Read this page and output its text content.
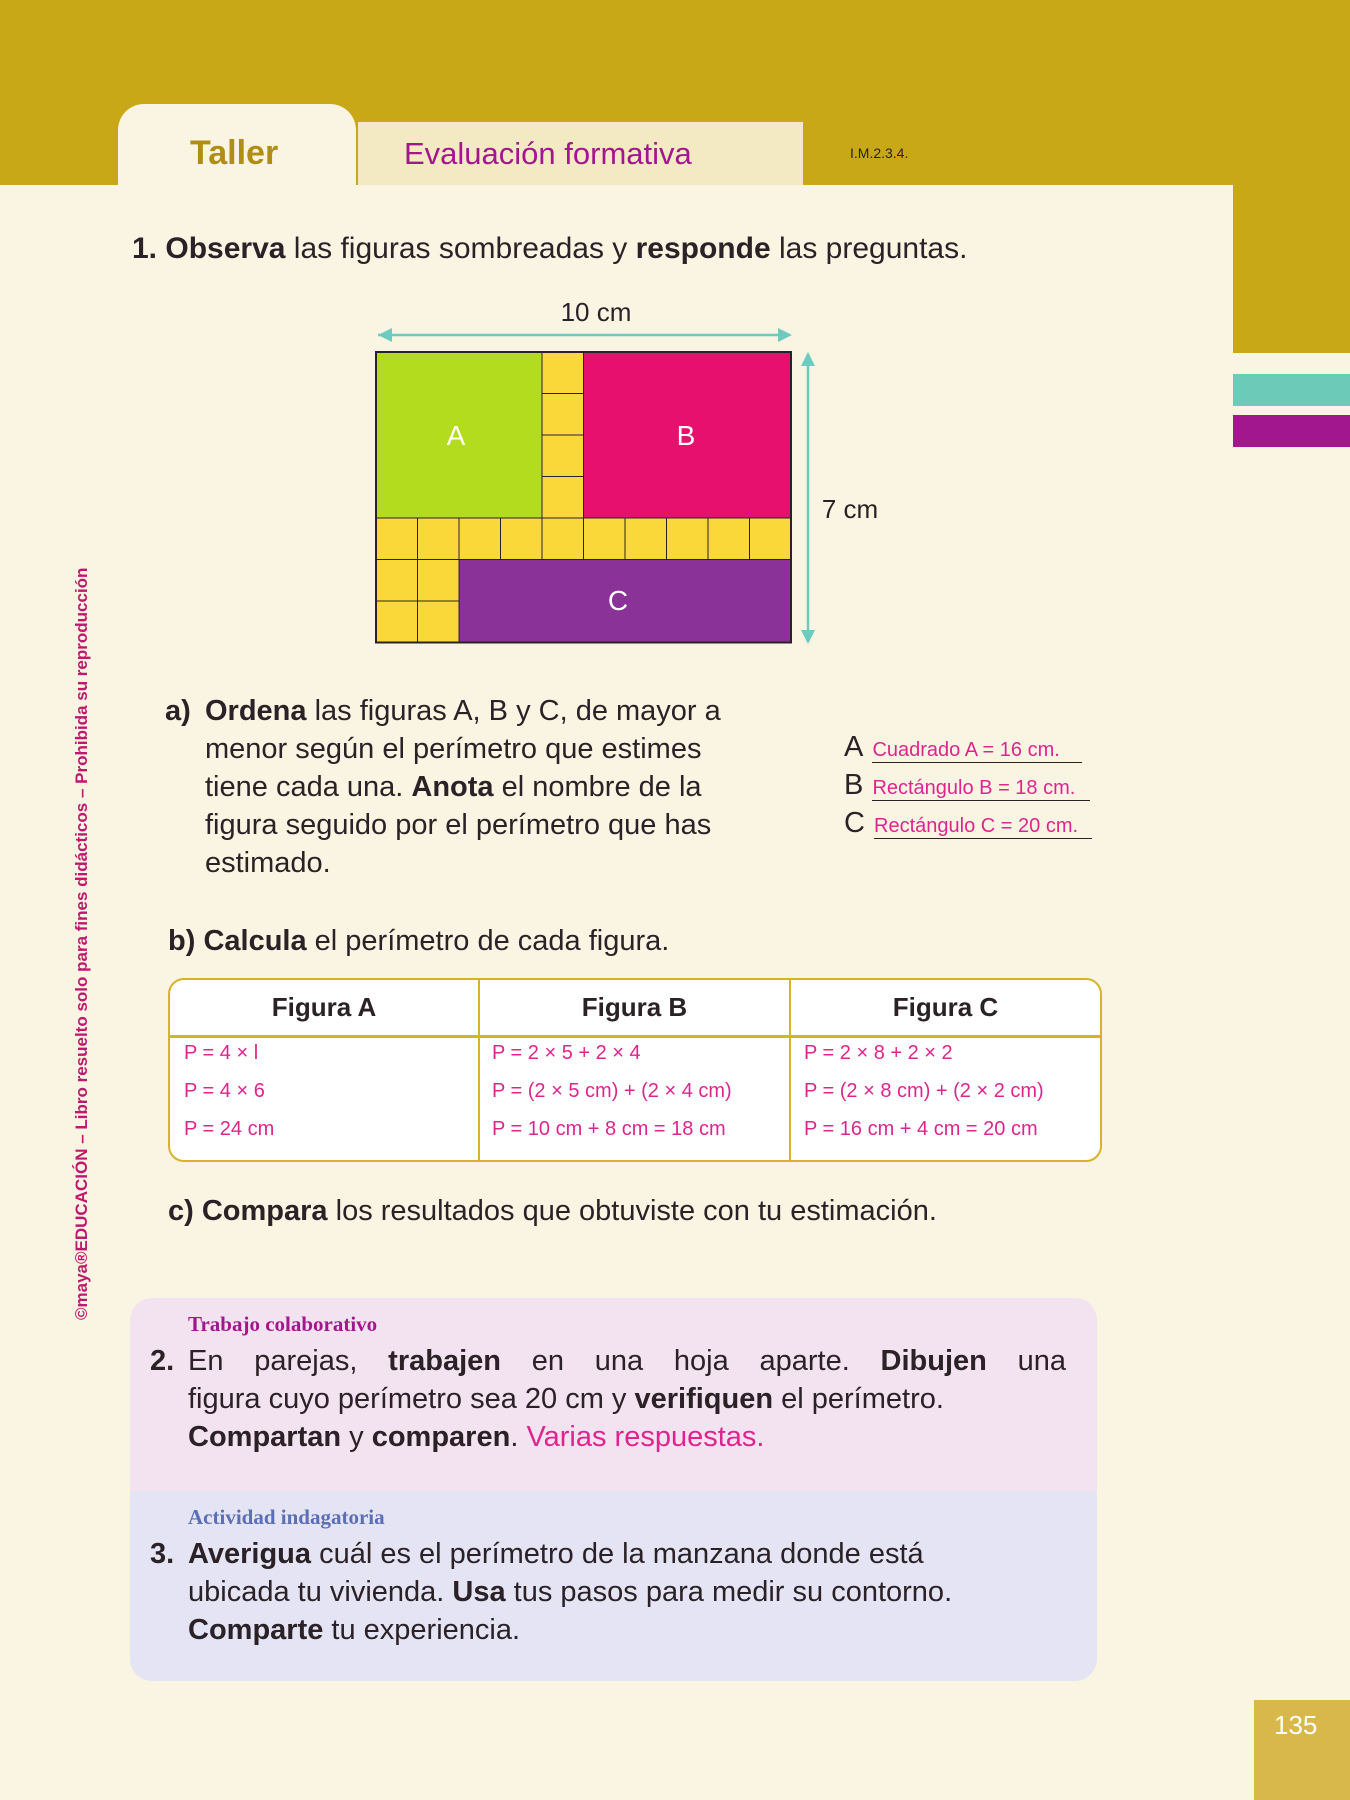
Taller	Evaluación formativa	I.M.2.3.4.
©maya®EDUCACIÓN – Libro resuelto solo para fines didácticos – Prohibida su reproducción
1. Observa las figuras sombreadas y responde las preguntas.
10 cm
7 cm
A	B
C
a) Ordena las figuras A, B y C, de mayor a
menor según el perímetro que estimes
tiene cada una. Anota el nombre de la
figura seguido por el perímetro que has
estimado.
A Cuadrado A = 16 cm.
B Rectángulo B = 18 cm.
C Rectángulo C = 20 cm.
b) Calcula el perímetro de cada figura.
Figura A	Figura B	Figura C
P = 4 × l	P = 2 × 5 + 2 × 4	P = 2 × 8 + 2 × 2
P = 4 × 6	P = (2 × 5 cm) + (2 × 4 cm)	P = (2 × 8 cm) + (2 × 2 cm)
P = 24 cm	P = 10 cm + 8 cm = 18 cm	P = 16 cm + 4 cm = 20 cm
c) Compara los resultados que obtuviste con tu estimación.
Trabajo colaborativo
2. En parejas, trabajen en una hoja aparte. Dibujen una
figura cuyo perímetro sea 20 cm y verifiquen el perímetro.
Compartan y comparen. Varias respuestas.
Actividad indagatoria
3. Averigua cuál es el perímetro de la manzana donde está
ubicada tu vivienda. Usa tus pasos para medir su contorno.
Comparte tu experiencia.
135
